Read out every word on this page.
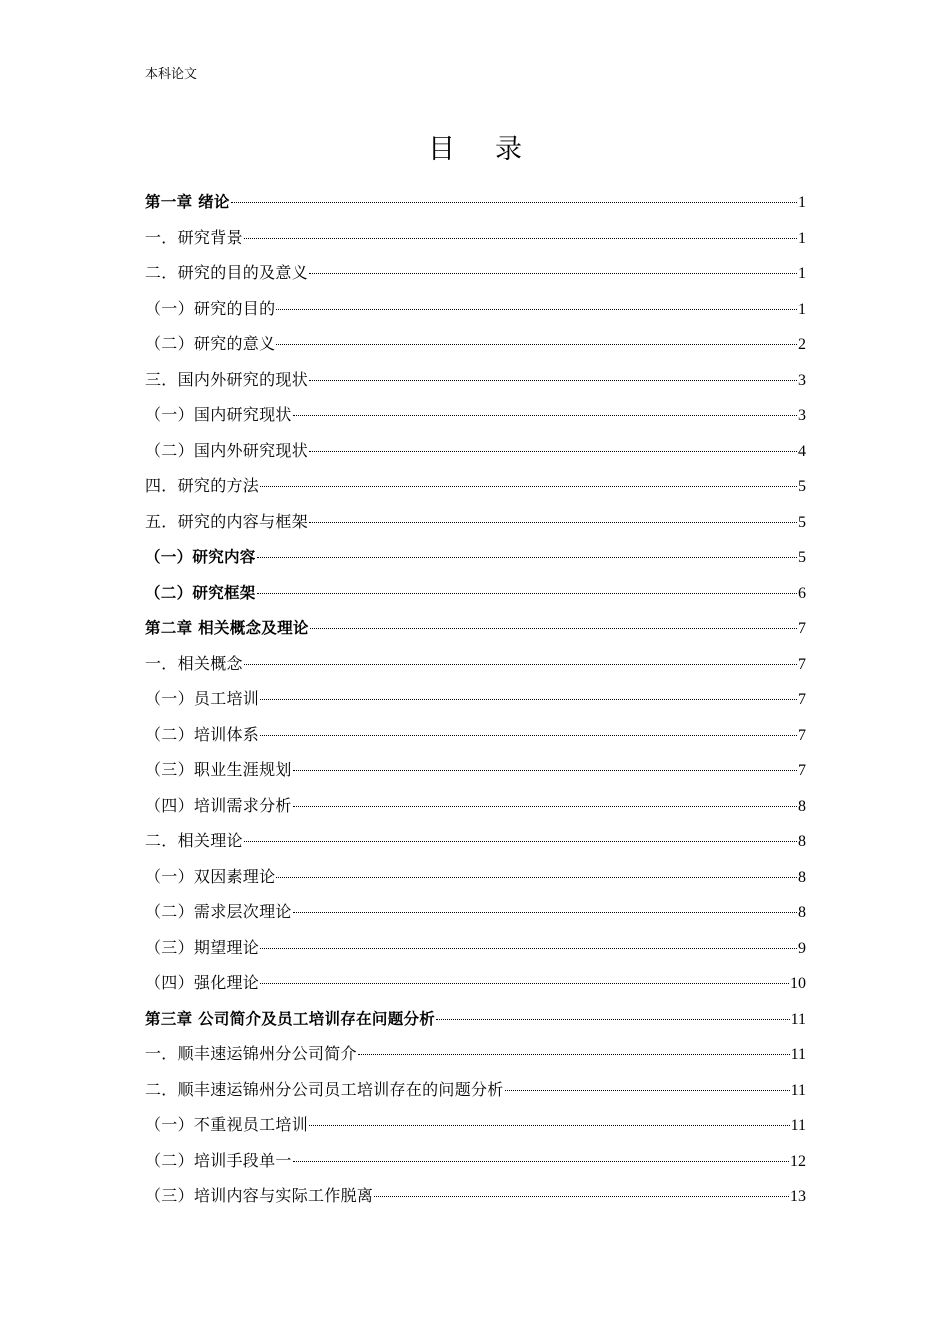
本科论文
目 录
第一章 绪论	1
一．研究背景	1
二．研究的目的及意义	1
（一）研究的目的	1
（二）研究的意义	2
三．国内外研究的现状	3
（一）国内研究现状	3
（二）国内外研究现状	4
四．研究的方法	5
五．研究的内容与框架	5
（一）研究内容	5
（二）研究框架	6
第二章 相关概念及理论	7
一．相关概念	7
（一）员工培训	7
（二）培训体系	7
（三）职业生涯规划	7
（四）培训需求分析	8
二．相关理论	8
（一）双因素理论	8
（二）需求层次理论	8
（三）期望理论	9
（四）强化理论	10
第三章 公司简介及员工培训存在问题分析	11
一．顺丰速运锦州分公司简介	11
二．顺丰速运锦州分公司员工培训存在的问题分析	11
（一）不重视员工培训	11
（二）培训手段单一	12
（三）培训内容与实际工作脱离	13
